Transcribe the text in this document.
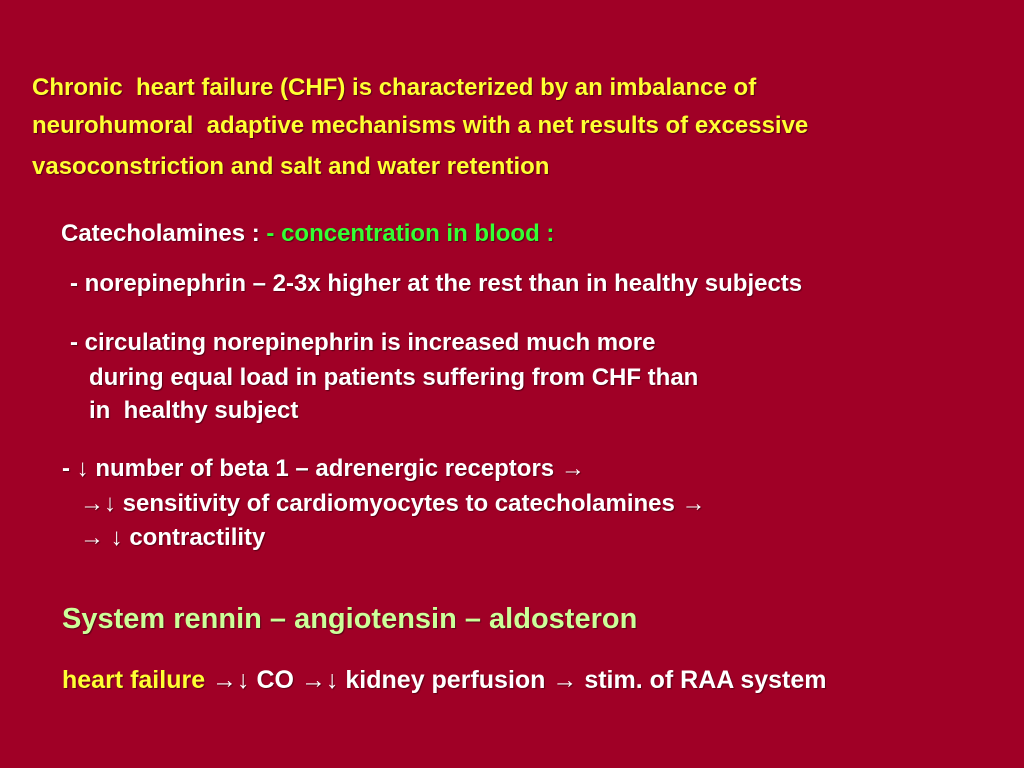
Chronic  heart failure (CHF) is characterized by an imbalance of

neurohumoral  adaptive mechanisms with a net results of excessive

vasoconstriction and salt and water retention

Catecholamines : - concentration in blood :

- norepinephrin – 2-3x higher at the rest than in healthy subjects

- circulating norepinephrin is increased much more

during equal load in patients suffering from CHF than

in  healthy subject

- ↓ number of beta 1 – adrenergic receptors →

→↓ sensitivity of cardiomyocytes to catecholamines →

→ ↓ contractility

System rennin – angiotensin – aldosteron

heart failure →↓ CO →↓ kidney perfusion → stim. of RAA system
